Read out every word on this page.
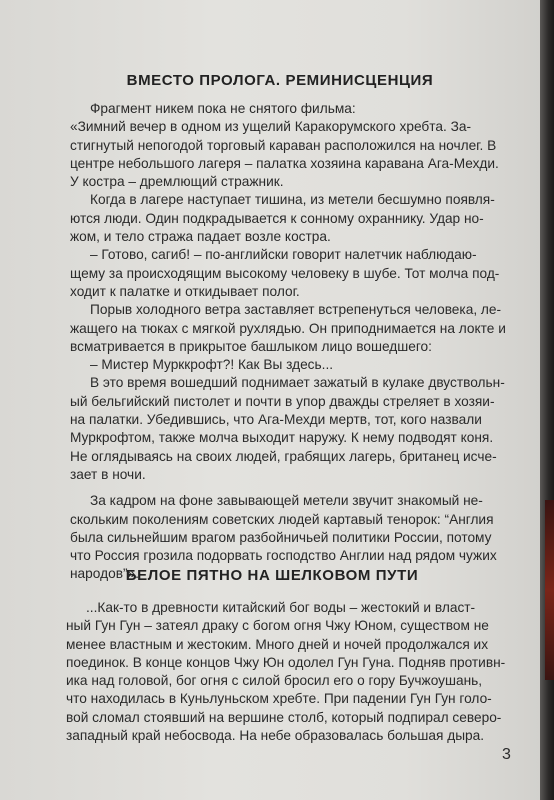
ВМЕСТО ПРОЛОГА. РЕМИНИСЦЕНЦИЯ
Фрагмент никем пока не снятого фильма:
«Зимний вечер в одном из ущелий Каракорумского хребта. За-
стигнутый непогодой торговый караван расположился на ночлег. В
центре небольшого лагеря – палатка хозяина каравана Ага-Мехди.
У костра – дремлющий стражник.
Когда в лагере наступает тишина, из метели бесшумно появля-
ются люди. Один подкрадывается к сонному охраннику. Удар но-
жом, и тело стража падает возле костра.
– Готово, сагиб! – по-английски говорит налетчик наблюдаю-
щему за происходящим высокому человеку в шубе. Тот молча под-
ходит к палатке и откидывает полог.
Порыв холодного ветра заставляет встрепенуться человека, ле-
жащего на тюках с мягкой рухлядью. Он приподнимается на локте и
всматривается в прикрытое башлыком лицо вошедшего:
– Мистер Мурккрофт?! Как Вы здесь...
В это время вошедший поднимает зажатый в кулаке двуствольн-
ый бельгийский пистолет и почти в упор дважды стреляет в хозяи-
на палатки. Убедившись, что Ага-Мехди мертв, тот, кого назвали
Муркрофтом, также молча выходит наружу. К нему подводят коня.
Не оглядываясь на своих людей, грабящих лагерь, британец исче-
зает в ночи.
За кадром на фоне завывающей метели звучит знакомый не-
скольким поколениям советских людей картавый тенорок: “Англия
была сильнейшим врагом разбойничьей политики России, потому
что Россия грозила подорвать господство Англии над рядом чужих
народов”».
БЕЛОЕ ПЯТНО НА ШЕЛКОВОМ ПУТИ
...Как-то в древности китайский бог воды – жестокий и власт-
ный Гун Гун – затеял драку с богом огня Чжу Юном, существом не
менее властным и жестоким. Много дней и ночей продолжался их
поединок. В конце концов Чжу Юн одолел Гун Гуна. Подняв противн-
ика над головой, бог огня с силой бросил его о гору Бучжоушань,
что находилась в Куньлуньском хребте. При падении Гун Гун голо-
вой сломал стоявший на вершине столб, который подпирал северо-
западный край небосвода. На небе образовалась большая дыра.
3
